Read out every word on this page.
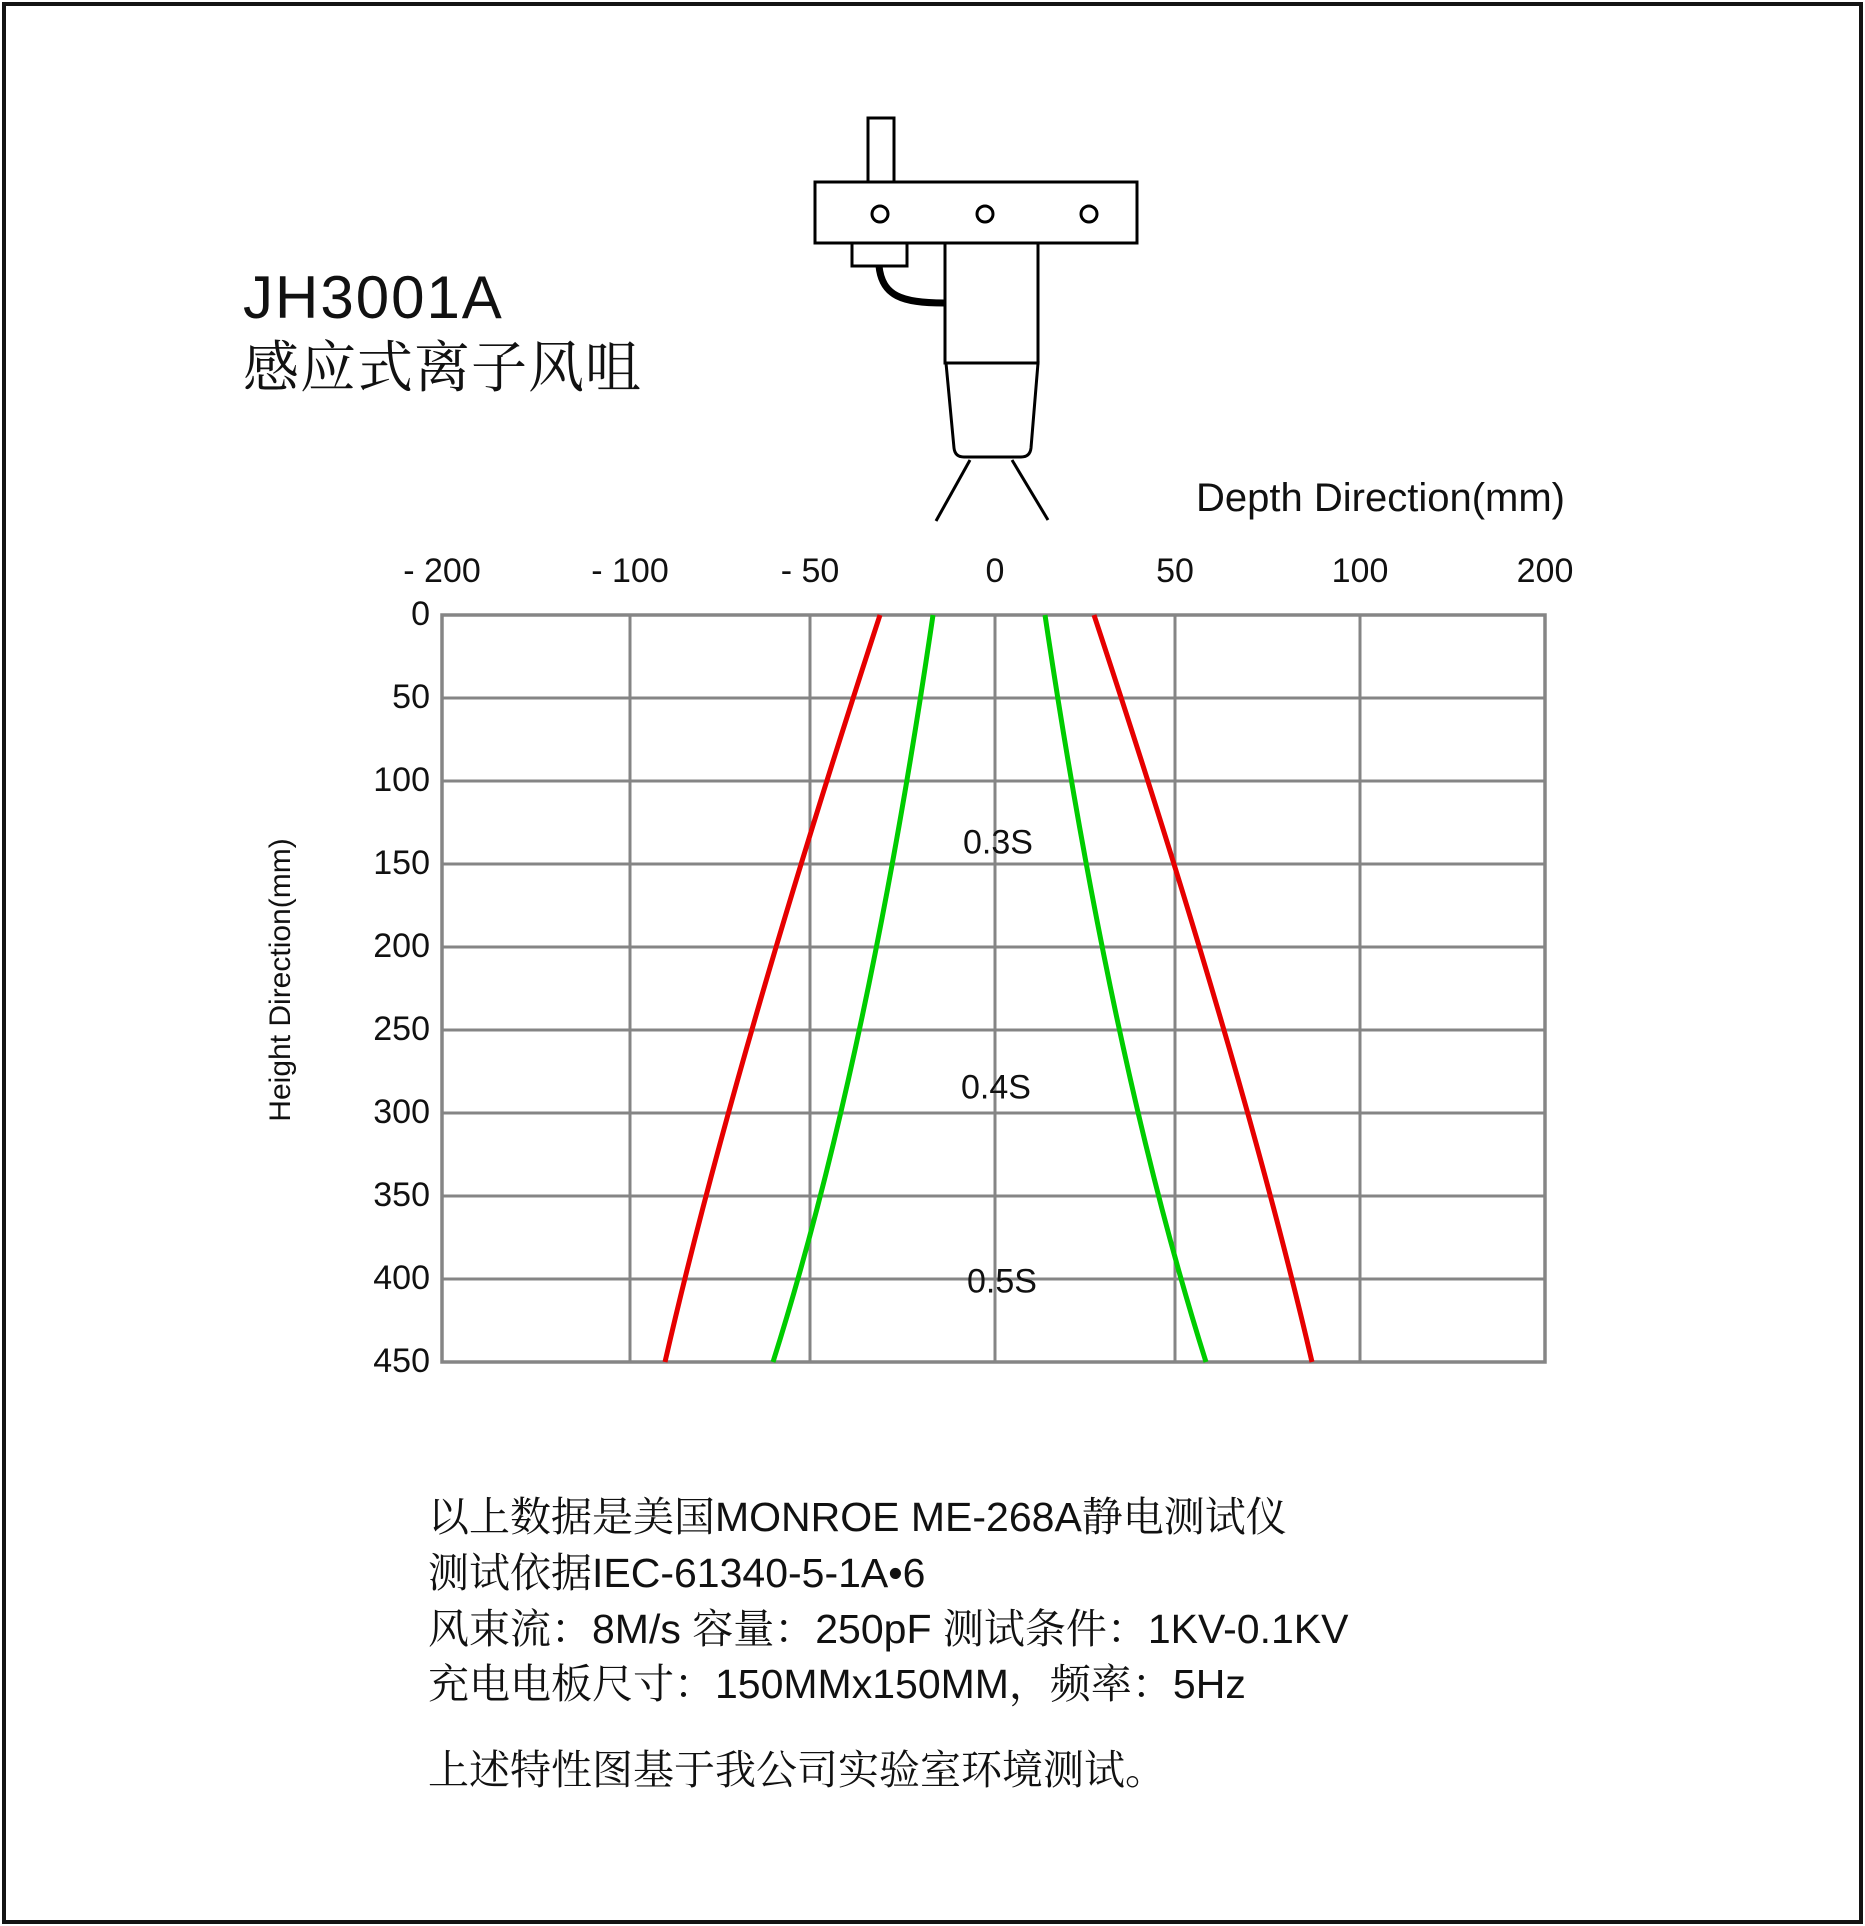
JH3001A
感应式离子风咀
Depth Direction(mm)
Height Direction(mm)
- 200	- 100	- 50	0	50	100	200
0
50
100
150
200
250
300
350
400
450
0.3S
0.4S
0.5S
以上数据是美国MONROE ME-268A静电测试仪
测试依据IEC-61340-5-1A•6
风束流：8M/s 容量：250pF 测试条件：1KV-0.1KV
充电电板尺寸：150MMx150MM，频率：5Hz
上述特性图基于我公司实验室环境测试。
